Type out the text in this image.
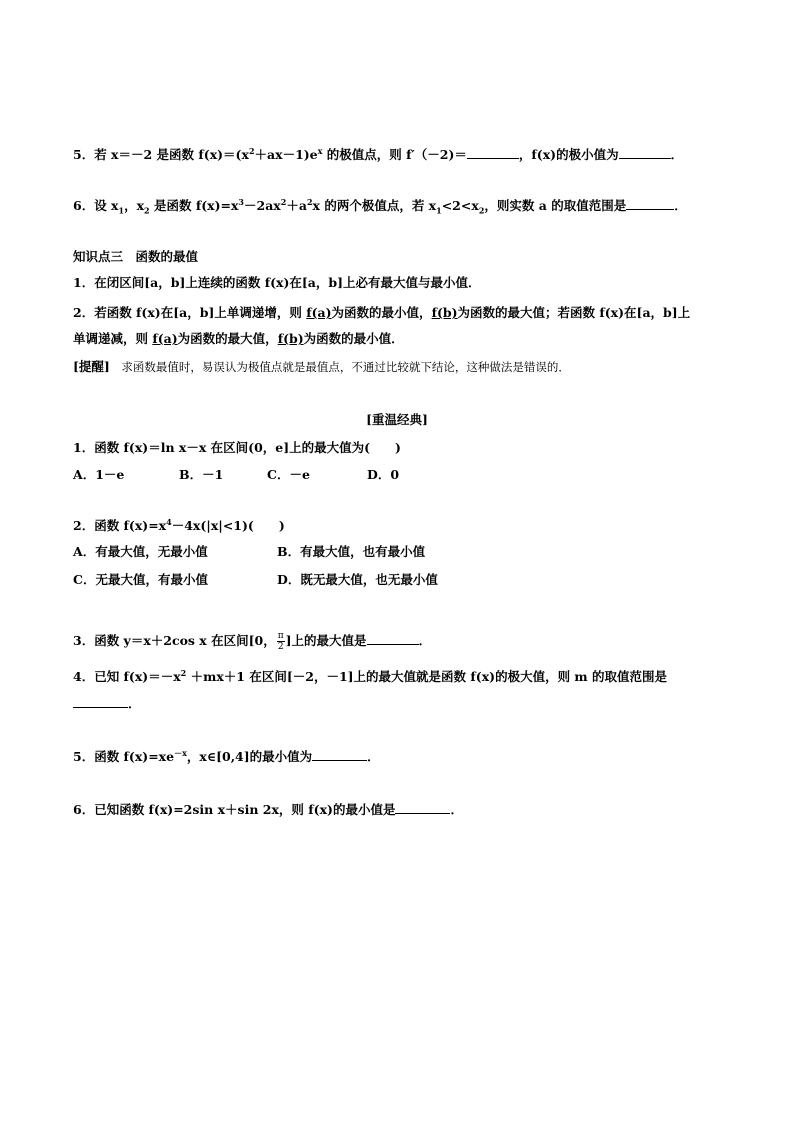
5．若 x＝－2 是函数 $f(x)=(x^2+ax-1)e^x$ 的极值点，则 f′（－2)＝	，f(x)的极小值为	．
6．设 $x_1$，$x_2$ 是函数 $f(x)=x^3-2ax^2+a^2x$ 的两个极值点，若 $x_1<2<x_2$，则实数 a 的取值范围是	．
知识点三　函数的最值
1．在闭区间[a，b]上连续的函数 f(x)在[a，b]上必有最大值与最小值．
2．若函数 f(x)在[a，b]上单调递增，则 f(a)为函数的最小值，f(b)为函数的最大值；若函数 f(x)在[a，b]上
单调递减，则 f(a)为函数的最大值，f(b)为函数的最小值．
[提醒]　求函数最值时，易误认为极值点就是最值点，不通过比较就下结论，这种做法是错误的．
[重温经典]
1．函数 f(x)＝ln x－x 在区间(0，e]上的最大值为(　　)
A．1－e	B．－1	C．－e	D．0
2．函数 $f(x)=x^4-4x(|x|<1)$(　　)
A．有最大值，无最小值	B．有最大值，也有最小值
C．无最大值，有最小值	D．既无最大值，也无最小值
3．函数 y＝x＋2cos x 在区间[0， $\frac{\pi}{2}$ ]上的最大值是	．
4．已知 $f(x)=-x^2 +mx+1$ 在区间[－2，－1]上的最大值就是函数 f(x)的极大值，则 m 的取值范围是
．
5．函数 $f(x)=xe^{-x}$，x∈[0,4]的最小值为	．
6．已知函数 f(x)=2sin x＋sin 2x，则 f(x)的最小值是	．
